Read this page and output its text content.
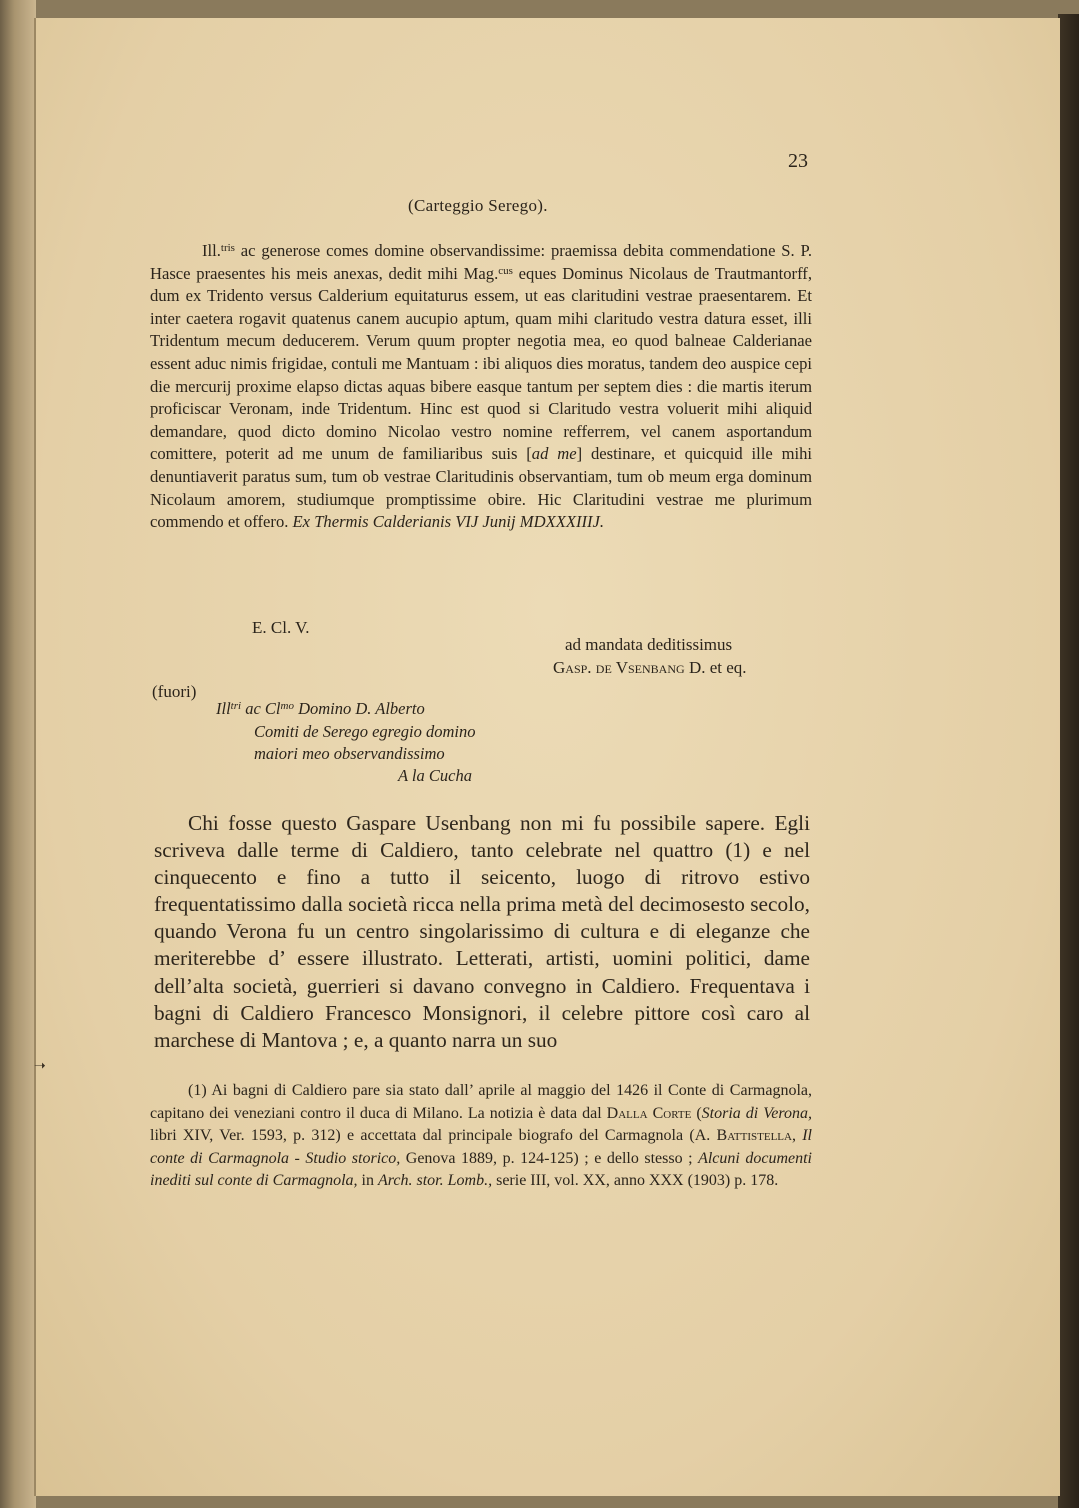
23
(Carteggio Serego).
Ill.$^{tris}$ ac generose comes domine observandissime: praemissa debita commendatione S. P. Hasce praesentes his meis anexas, dedit mihi Mag.$^{cus}$ eques Dominus Nicolaus de Trautmantorff, dum ex Tridento versus Calderium equitaturus essem, ut eas claritudini vestrae praesentarem. Et inter caetera rogavit quatenus canem aucupio aptum, quam mihi claritudo vestra datura esset, illi Tridentum mecum deducerem. Verum quum propter negotia mea, eo quod balneae Calderianae essent aduc nimis frigidae, contuli me Mantuam : ibi aliquos dies moratus, tandem deo auspice cepi die mercurij proxime elapso dictas aquas bibere easque tantum per septem dies : die martis iterum proficiscar Veronam, inde Tridentum. Hinc est quod si Claritudo vestra voluerit mihi aliquid demandare, quod dicto domino Nicolao vestro nomine refferrem, vel canem asportandum comittere, poterit ad me unum de familiaribus suis [ad me] destinare, et quicquid ille mihi denuntiaverit paratus sum, tum ob vestrae Claritudinis observantiam, tum ob meum erga dominum Nicolaum amorem, studiumque promptissime obire. Hic Claritudini vestrae me plurimum commendo et offero. Ex Thermis Calderianis VIJ Junij MDXXXIIIJ.
E. Cl. V.
ad mandata deditissimus
Gasp. de Vsenbang D. et eq.
(fuori)
Ill$^{tri}$ ac $Cl^{mo}$ Domino D. Alberto
Comiti de Serego egregio domino
maiori meo observandissimo
A la Cucha
Chi fosse questo Gaspare Usenbang non mi fu possibile sapere. Egli scriveva dalle terme di Caldiero, tanto celebrate nel quattro (1) e nel cinquecento e fino a tutto il seicento, luogo di ritrovo estivo frequentatissimo dalla società ricca nella prima metà del decimosesto secolo, quando Verona fu un centro singolarissimo di cultura e di eleganze che meriterebbe d’ essere illustrato. Letterati, artisti, uomini politici, dame dell’alta società, guerrieri si davano convegno in Caldiero. Frequentava i bagni di Caldiero Francesco Monsignori, il celebre pittore così caro al marchese di Mantova ; e, a quanto narra un suo
(1) Ai bagni di Caldiero pare sia stato dall’ aprile al maggio del 1426 il Conte di Carmagnola, capitano dei veneziani contro il duca di Milano. La notizia è data dal Dalla Corte (Storia di Verona, libri XIV, Ver. 1593, p. 312) e accettata dal principale biografo del Carmagnola (A. Battistella, Il conte di Carmagnola - Studio storico, Genova 1889, p. 124-125) ; e dello stesso ; Alcuni documenti inediti sul conte di Carmagnola, in Arch. stor. Lomb., serie III, vol. XX, anno XXX (1903) p. 178.
➝
